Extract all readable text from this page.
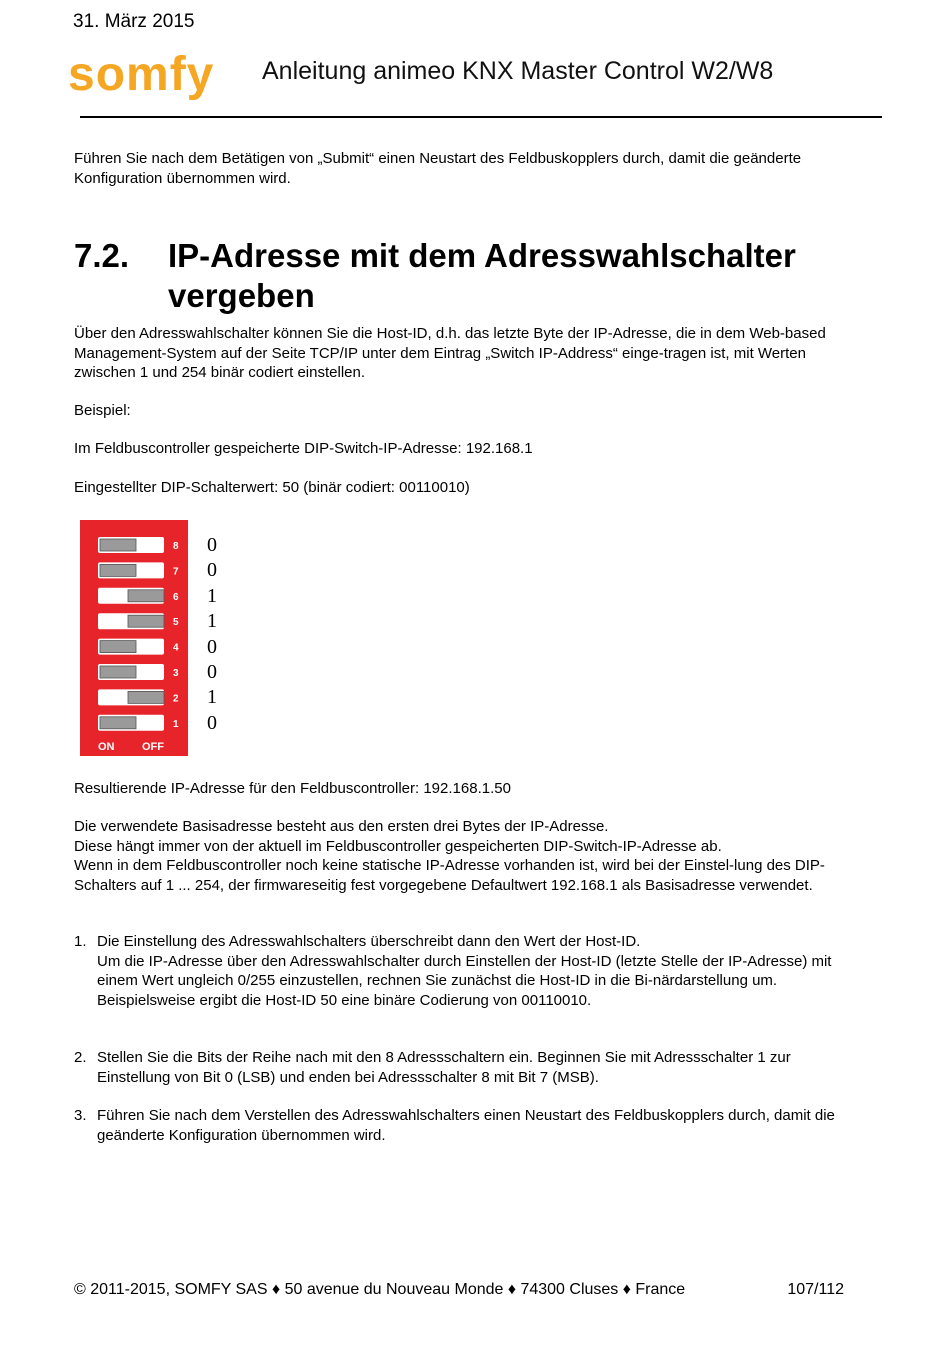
31. März 2015
somfy Anleitung animeo KNX Master Control W2/W8
Führen Sie nach dem Betätigen von „Submit“ einen Neustart des Feldbuskopplers durch, damit die geänderte Konfiguration übernommen wird.
7.2. IP-Adresse mit dem Adresswahlschalter vergeben
Über den Adresswahlschalter können Sie die Host-ID, d.h. das letzte Byte der IP-Adresse, die in dem Web-based Management-System auf der Seite TCP/IP unter dem Eintrag „Switch IP-Address“ einge-tragen ist, mit Werten zwischen 1 und 254 binär codiert einstellen.
Beispiel:
Im Feldbuscontroller gespeicherte DIP-Switch-IP-Adresse: 192.168.1
Eingestellter DIP-Schalterwert: 50 (binär codiert: 00110010)
8
7
6
5
4
3
2
1
ON	OFF
0
0
1
1
0
0
1
0
Resultierende IP-Adresse für den Feldbuscontroller: 192.168.1.50
Die verwendete Basisadresse besteht aus den ersten drei Bytes der IP-Adresse.
Diese hängt immer von der aktuell im Feldbuscontroller gespeicherten DIP-Switch-IP-Adresse ab.
Wenn in dem Feldbuscontroller noch keine statische IP-Adresse vorhanden ist, wird bei der Einstel-lung des DIP-Schalters auf 1 ... 254, der firmwareseitig fest vorgegebene Defaultwert 192.168.1 als Basisadresse verwendet.
1. Die Einstellung des Adresswahlschalters überschreibt dann den Wert der Host-ID.
Um die IP-Adresse über den Adresswahlschalter durch Einstellen der Host-ID (letzte Stelle der IP-Adresse) mit einem Wert ungleich 0/255 einzustellen, rechnen Sie zunächst die Host-ID in die Bi-närdarstellung um.
Beispielsweise ergibt die Host-ID 50 eine binäre Codierung von 00110010.
2. Stellen Sie die Bits der Reihe nach mit den 8 Adressschaltern ein. Beginnen Sie mit Adressschalter 1 zur Einstellung von Bit 0 (LSB) und enden bei Adressschalter 8 mit Bit 7 (MSB).
3. Führen Sie nach dem Verstellen des Adresswahlschalters einen Neustart des Feldbuskopplers durch, damit die geänderte Konfiguration übernommen wird.
© 2011-2015, SOMFY SAS ♦ 50 avenue du Nouveau Monde ♦ 74300 Cluses ♦ France	107/112
